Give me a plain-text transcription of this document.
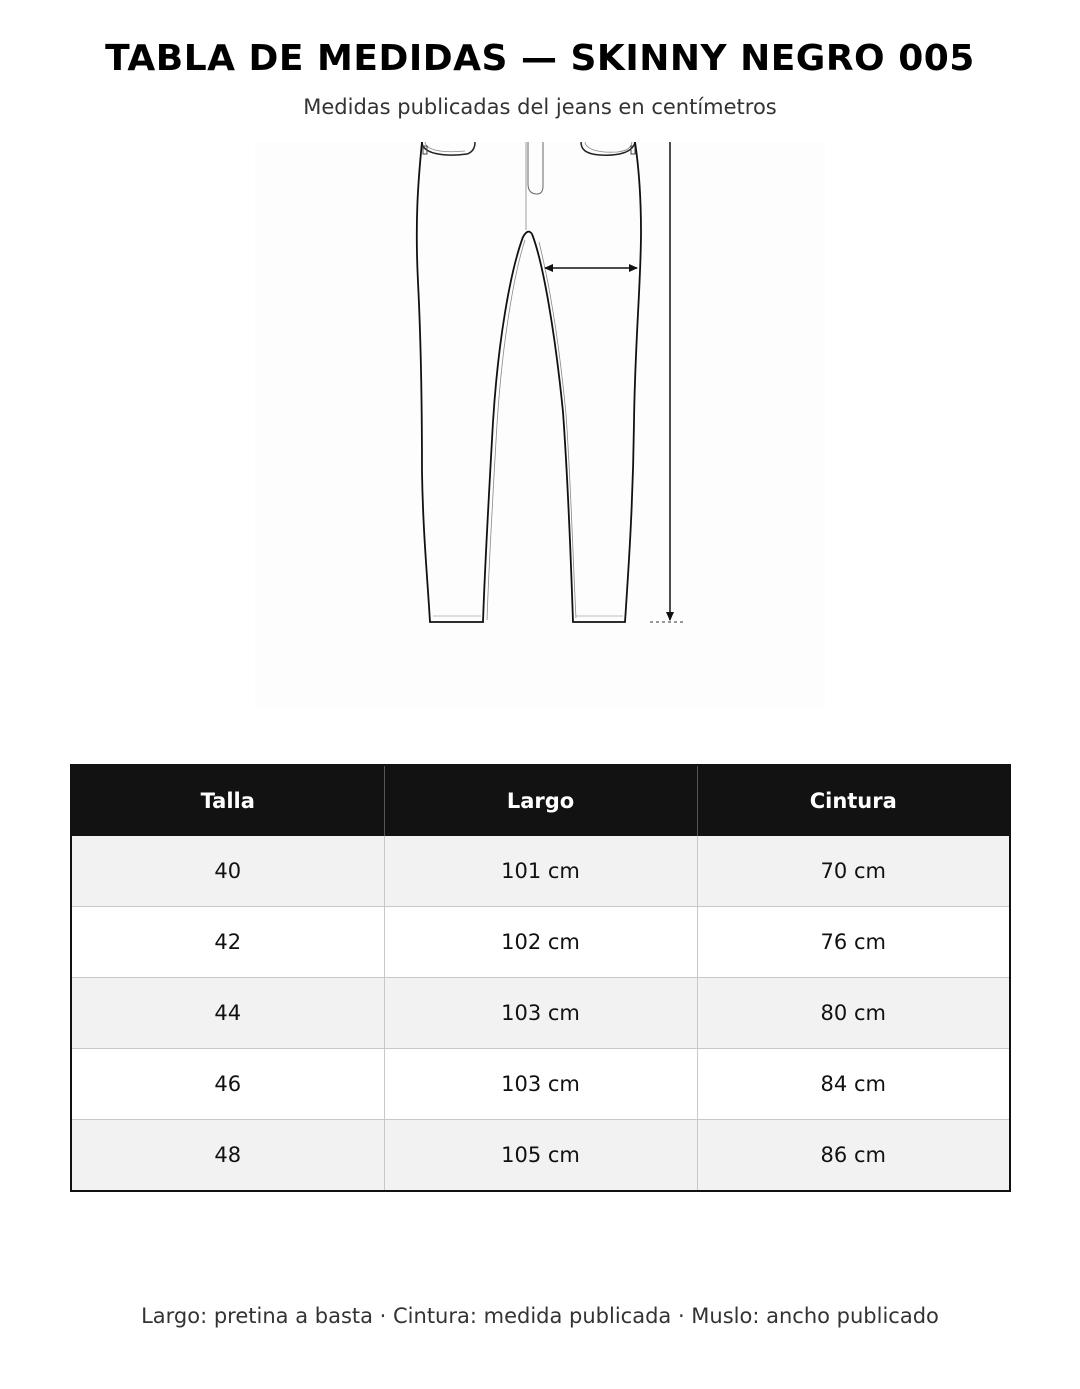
TABLA DE MEDIDAS — SKINNY NEGRO 005
Medidas publicadas del jeans en centímetros
Talla	Largo	Cintura
40	101 cm	70 cm
42	102 cm	76 cm
44	103 cm	80 cm
46	103 cm	84 cm
48	105 cm	86 cm
Largo: pretina a basta · Cintura: medida publicada · Muslo: ancho publicado
